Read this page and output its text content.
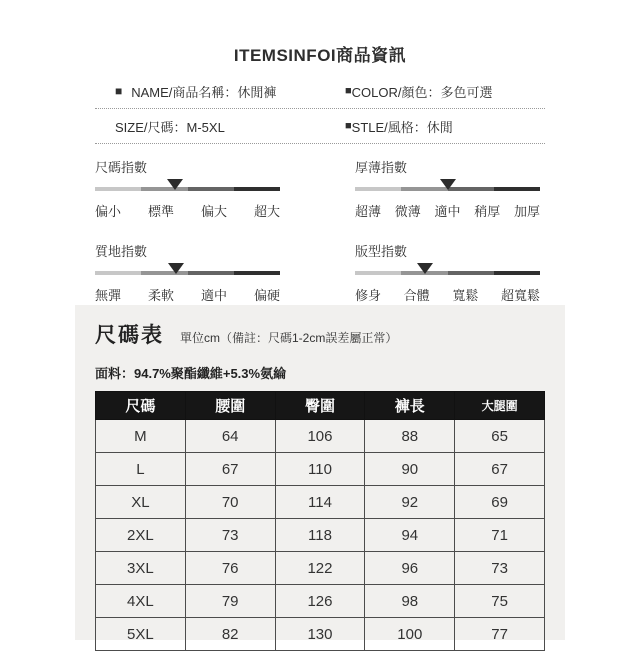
ITEMSINFOI商品資訊
■ NAME/商品名稱：休閒褲	■ COLOR/顏色：多色可選
SIZE/尺碼：M-5XL	■ STLE/風格：休閒
尺碼指數
偏小 標準 偏大 超大
厚薄指數
超薄 微薄 適中 稍厚 加厚
質地指數
無彈 柔軟 適中 偏硬
版型指數
修身 合體 寬鬆 超寬鬆
尺碼表 單位cm（備註：尺碼1-2cm誤差屬正常）
面料：94.7%聚酯纖維+5.3%氨綸
尺碼	腰圍	臀圍	褲長	大腿圍
M	64	106	88	65
L	67	110	90	67
XL	70	114	92	69
2XL	73	118	94	71
3XL	76	122	96	73
4XL	79	126	98	75
5XL	82	130	100	77
